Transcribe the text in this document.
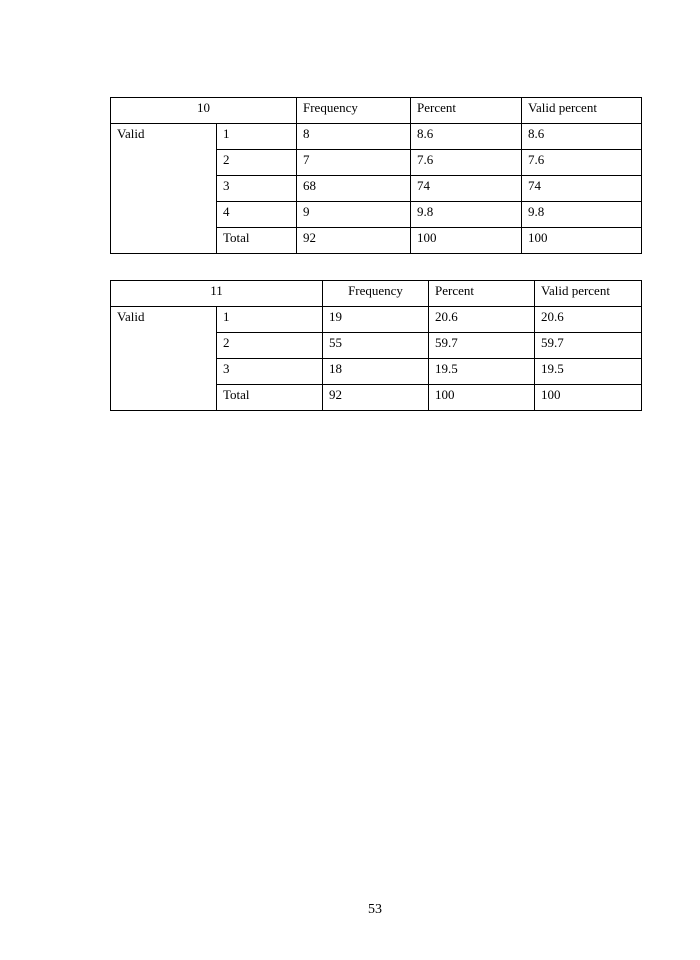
10		Frequency	Percent	Valid percent
Valid	1	8	8.6	8.6
	2	7	7.6	7.6
	3	68	74	74
	4	9	9.8	9.8
	Total	92	100	100
11		Frequency	Percent	Valid percent
Valid	1	19	20.6	20.6
	2	55	59.7	59.7
	3	18	19.5	19.5
	Total	92	100	100
53
